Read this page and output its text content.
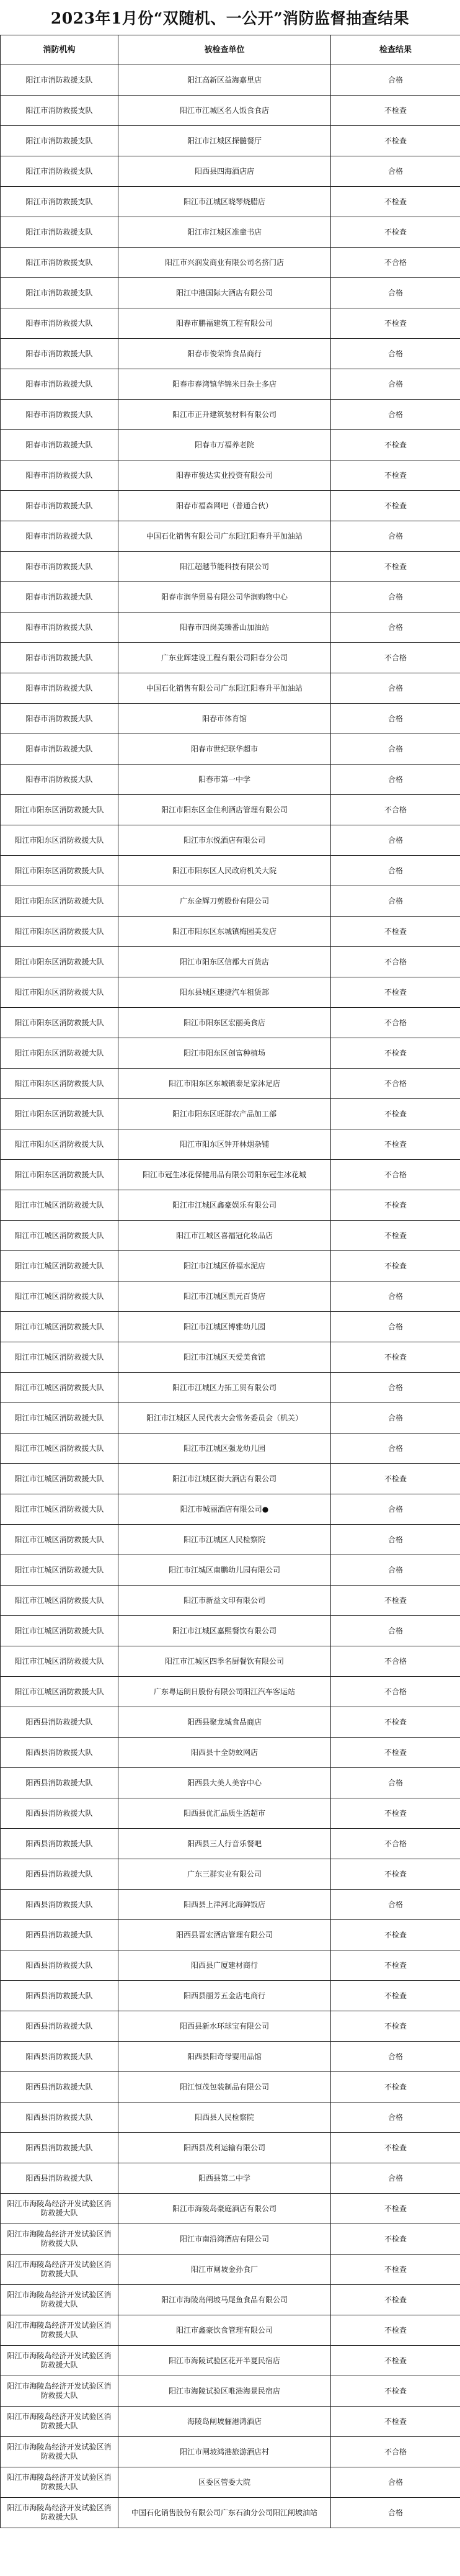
2023年1月份“双随机、一公开”消防监督抽查结果
消防机构	被检查单位	检查结果
阳江市消防救援支队	阳江高新区益海嘉里店	合格
阳江市消防救援支队	阳江市江城区名人饭食食店	不检查
阳江市消防救援支队	阳江市江城区探髓餐厅	不检查
阳江市消防救援支队	阳西县四海酒店店	合格
阳江市消防救援支队	阳江市江城区晓琴烧腊店	不检查
阳江市消防救援支队	阳江市江城区准童书店	不检查
阳江市消防救援支队	阳江市兴润发商业有限公司名挤门店	不合格
阳江市消防救援支队	阳江中港国际大酒店有限公司	合格
阳春市消防救援大队	阳春市鹏福建筑工程有限公司	不检查
阳春市消防救援大队	阳春市俊荣饰食品商行	合格
阳春市消防救援大队	阳春市春湾镇华锦米日杂士多店	合格
阳春市消防救援大队	阳江市正升建筑装材料有限公司	合格
阳春市消防救援大队	阳春市万福养老院	不检查
阳春市消防救援大队	阳春市骏达实业投资有限公司	不检查
阳春市消防救援大队	阳春市福森网吧（普通合伙）	不检查
阳春市消防救援大队	中国石化销售有限公司广东阳江阳春升平加油站	合格
阳春市消防救援大队	阳江超越节能科技有限公司	不检查
阳春市消防救援大队	阳春市润华贸易有限公司华润购物中心	合格
阳春市消防救援大队	阳春市四岗美臻番山加油站	合格
阳春市消防救援大队	广东业辉建设工程有限公司阳春分公司	不合格
阳春市消防救援大队	中国石化销售有限公司广东阳江阳春升平加油站	合格
阳春市消防救援大队	阳春市体育馆	合格
阳春市消防救援大队	阳春市世纪联华超市	合格
阳春市消防救援大队	阳春市第一中学	合格
阳江市阳东区消防救援大队	阳江市阳东区金佳利酒店管理有限公司	不合格
阳江市阳东区消防救援大队	阳江市东悦酒店有限公司	合格
阳江市阳东区消防救援大队	阳江市阳东区人民政府机关大院	合格
阳江市阳东区消防救援大队	广东金辉刀剪股份有限公司	合格
阳江市阳东区消防救援大队	阳江市阳东区东城镇梅园美发店	不检查
阳江市阳东区消防救援大队	阳江市阳东区信都大百货店	不合格
阳江市阳东区消防救援大队	阳东县城区速捷汽车租赁部	不检查
阳江市阳东区消防救援大队	阳江市阳东区宏丽美食店	不合格
阳江市阳东区消防救援大队	阳江市阳东区创富种植场	不检查
阳江市阳东区消防救援大队	阳江市阳东区东城镇泰足家沐足店	不合格
阳江市阳东区消防救援大队	阳江市阳东区旺群农产品加工部	不检查
阳江市阳东区消防救援大队	阳江市阳东区钟开林烟杂铺	不检查
阳江市阳东区消防救援大队	阳江市冠生冰花保健用品有限公司阳东冠生冰花城	不合格
阳江市江城区消防救援大队	阳江市江城区鑫豪娱乐有限公司	不检查
阳江市江城区消防救援大队	阳江市江城区喜福冠化妆品店	不检查
阳江市江城区消防救援大队	阳江市江城区侨福水泥店	不检查
阳江市江城区消防救援大队	阳江市江城区凯元百货店	合格
阳江市江城区消防救援大队	阳江市江城区博雅幼儿园	合格
阳江市江城区消防救援大队	阳江市江城区天爱美食馆	不检查
阳江市江城区消防救援大队	阳江市江城区力拓工贸有限公司	合格
阳江市江城区消防救援大队	阳江市江城区人民代表大会常务委员会（机关）	合格
阳江市江城区消防救援大队	阳江市江城区强龙幼儿园	合格
阳江市江城区消防救援大队	阳江市江城区街大酒店有限公司	不检查
阳江市江城区消防救援大队	阳江市城丽酒店有限公司●	合格
阳江市江城区消防救援大队	阳江市江城区人民检察院	合格
阳江市江城区消防救援大队	阳江市江城区南鹏幼儿园有限公司	合格
阳江市江城区消防救援大队	阳江市新益文印有限公司	不检查
阳江市江城区消防救援大队	阳江市江城区嘉熙餐饮有限公司	合格
阳江市江城区消防救援大队	阳江市江城区四季名厨餐饮有限公司	不合格
阳江市江城区消防救援大队	广东粤运朗日股份有限公司阳江汽车客运站	不合格
阳西县消防救援大队	阳西县聚龙城食品商店	不检查
阳西县消防救援大队	阳西县十全防蚊网店	不检查
阳西县消防救援大队	阳西县大美人美容中心	合格
阳西县消防救援大队	阳西县优汇品质生活超市	不检查
阳西县消防救援大队	阳西县三人行音乐餐吧	不合格
阳西县消防救援大队	广东三群实业有限公司	不检查
阳西县消防救援大队	阳西县上洋河北海鲜饭店	合格
阳西县消防救援大队	阳西县晋宏酒店管理有限公司	不检查
阳西县消防救援大队	阳西县广厦建材商行	不检查
阳西县消防救援大队	阳西县丽芳五金店电商行	不检查
阳西县消防救援大队	阳西县新水环球宝有限公司	不检查
阳西县消防救援大队	阳西县阳奇母婴用品馆	合格
阳西县消防救援大队	阳江恒茂包装制品有限公司	不检查
阳西县消防救援大队	阳西县人民检察院	合格
阳西县消防救援大队	阳西县茂利运输有限公司	不检查
阳西县消防救援大队	阳西县第二中学	合格
阳江市海陵岛经济开发试验区消防救援大队	阳江市海陵岛豪庭酒店有限公司	不检查
阳江市海陵岛经济开发试验区消防救援大队	阳江市南沿湾酒店有限公司	不检查
阳江市海陵岛经济开发试验区消防救援大队	阳江市闸坡金孙食厂	不检查
阳江市海陵岛经济开发试验区消防救援大队	阳江市海陵岛闸坡马尾鱼食品有限公司	不检查
阳江市海陵岛经济开发试验区消防救援大队	阳江市鑫豪饮食管理有限公司	不检查
阳江市海陵岛经济开发试验区消防救援大队	阳江市海陵试验区花开半夏民宿店	不检查
阳江市海陵岛经济开发试验区消防救援大队	阳江市海陵试验区唯港海景民宿店	不检查
阳江市海陵岛经济开发试验区消防救援大队	海陵岛闸坡骊港鸿酒店	不检查
阳江市海陵岛经济开发试验区消防救援大队	阳江市闸坡鸿港旅游酒店村	不合格
阳江市海陵岛经济开发试验区消防救援大队	区委区管委大院	合格
阳江市海陵岛经济开发试验区消防救援大队	中国石化销售股份有限公司广东石油分公司阳江闸坡油站	合格
